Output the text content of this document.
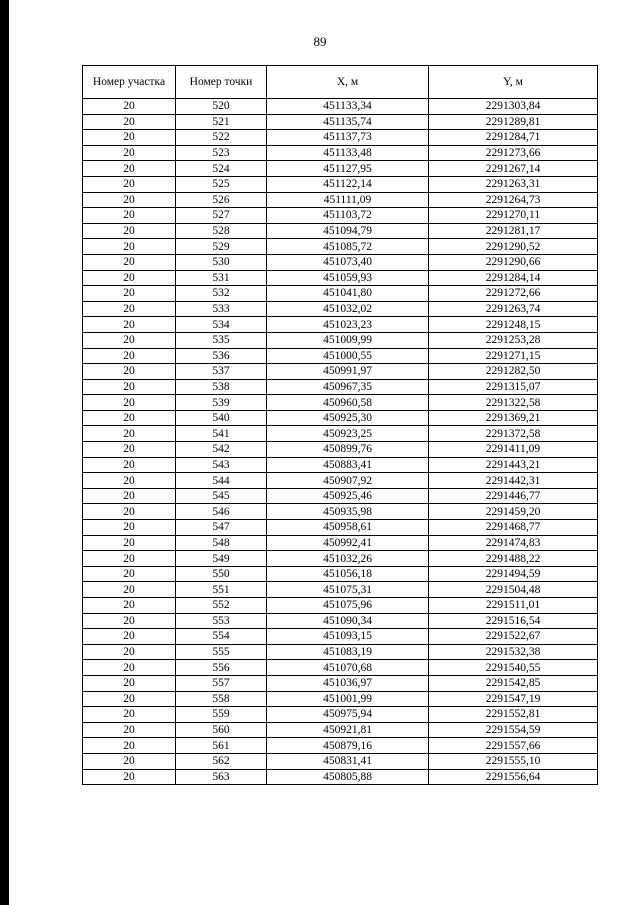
89
Номер участка	Номер точки	X, м	Y, м
20	520	451133,34	2291303,84
20	521	451135,74	2291289,81
20	522	451137,73	2291284,71
20	523	451133,48	2291273,66
20	524	451127,95	2291267,14
20	525	451122,14	2291263,31
20	526	451111,09	2291264,73
20	527	451103,72	2291270,11
20	528	451094,79	2291281,17
20	529	451085,72	2291290,52
20	530	451073,40	2291290,66
20	531	451059,93	2291284,14
20	532	451041,80	2291272,66
20	533	451032,02	2291263,74
20	534	451023,23	2291248,15
20	535	451009,99	2291253,28
20	536	451000,55	2291271,15
20	537	450991,97	2291282,50
20	538	450967,35	2291315,07
20	539	450960,58	2291322,58
20	540	450925,30	2291369,21
20	541	450923,25	2291372,58
20	542	450899,76	2291411,09
20	543	450883,41	2291443,21
20	544	450907,92	2291442,31
20	545	450925,46	2291446,77
20	546	450935,98	2291459,20
20	547	450958,61	2291468,77
20	548	450992,41	2291474,83
20	549	451032,26	2291488,22
20	550	451056,18	2291494,59
20	551	451075,31	2291504,48
20	552	451075,96	2291511,01
20	553	451090,34	2291516,54
20	554	451093,15	2291522,67
20	555	451083,19	2291532,38
20	556	451070,68	2291540,55
20	557	451036,97	2291542,85
20	558	451001,99	2291547,19
20	559	450975,94	2291552,81
20	560	450921,81	2291554,59
20	561	450879,16	2291557,66
20	562	450831,41	2291555,10
20	563	450805,88	2291556,64
